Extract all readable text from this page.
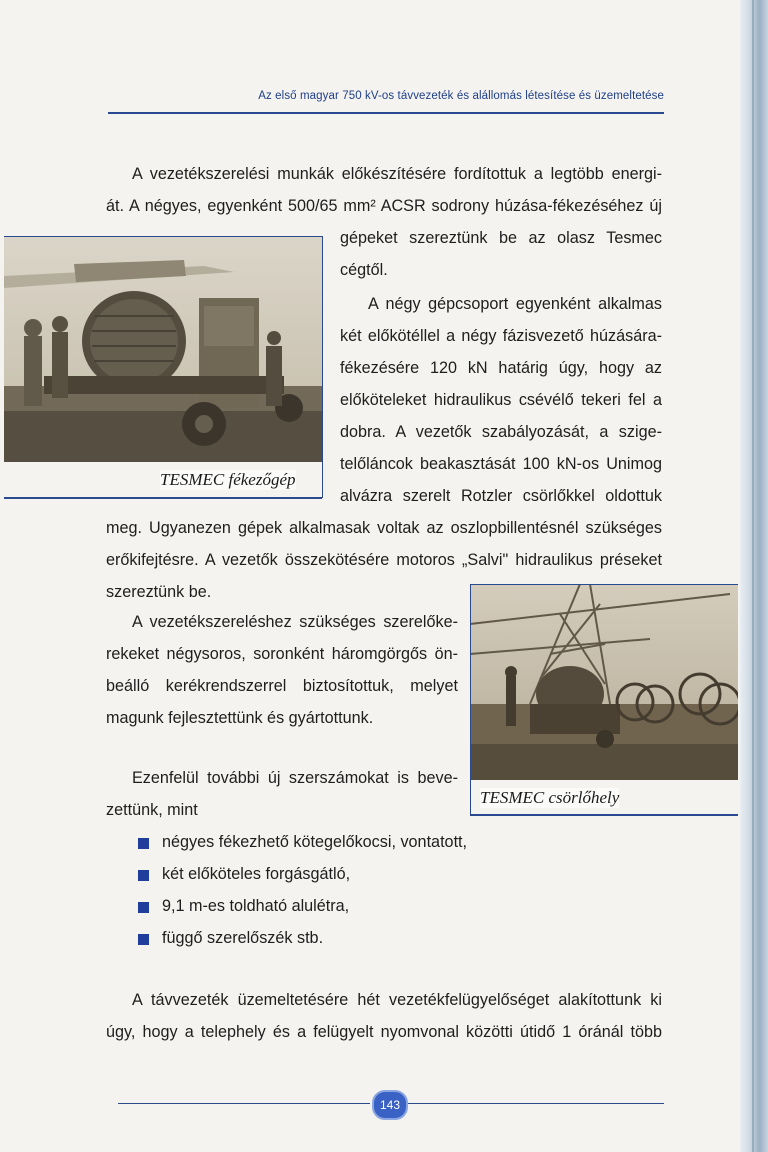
Az első magyar 750 kV-os távvezeték és alállomás létesítése és üzemeltetése
A vezetékszerelési munkák előkészítésére fordítottuk a legtöbb energi-
át. A négyes, egyenként 500/65 mm² ACSR sodrony húzása-fékezéséhez új
gépeket szereztünk be az olasz Tesmec
cégtől.
A négy gépcsoport egyenként alkalmas
két előkötéllel a négy fázisvezető húzására-
fékezésére 120 kN határig úgy, hogy az
előköteleket hidraulikus csévélő tekeri fel a
dobra. A vezetők szabályozását, a szige-
telőláncok beakasztását 100 kN-os Unimog
alvázra szerelt Rotzler csörlőkkel oldottuk
meg. Ugyanezen gépek alkalmasak voltak az oszlopbillentésnél szükséges
erőkifejtésre. A vezetők összekötésére motoros „Salvi" hidraulikus préseket
szereztünk be.
A vezetékszereléshez szükséges szerelőke-
rekeket négysoros, soronként háromgörgős ön-
beálló kerékrendszerrel biztosítottuk, melyet
magunk fejlesztettünk és gyártottunk.
Ezenfelül további új szerszámokat is beve-
zettünk, mint
négyes fékezhető kötegelőkocsi, vontatott,
két előköteles forgásgátló,
9,1 m-es toldható alulétra,
függő szerelőszék stb.
A távvezeték üzemeltetésére hét vezetékfelügyelőséget alakítottunk ki
úgy, hogy a telephely és a felügyelt nyomvonal közötti útidő 1 óránál több
TESMEC fékezőgép
TESMEC csörlőhely
143
